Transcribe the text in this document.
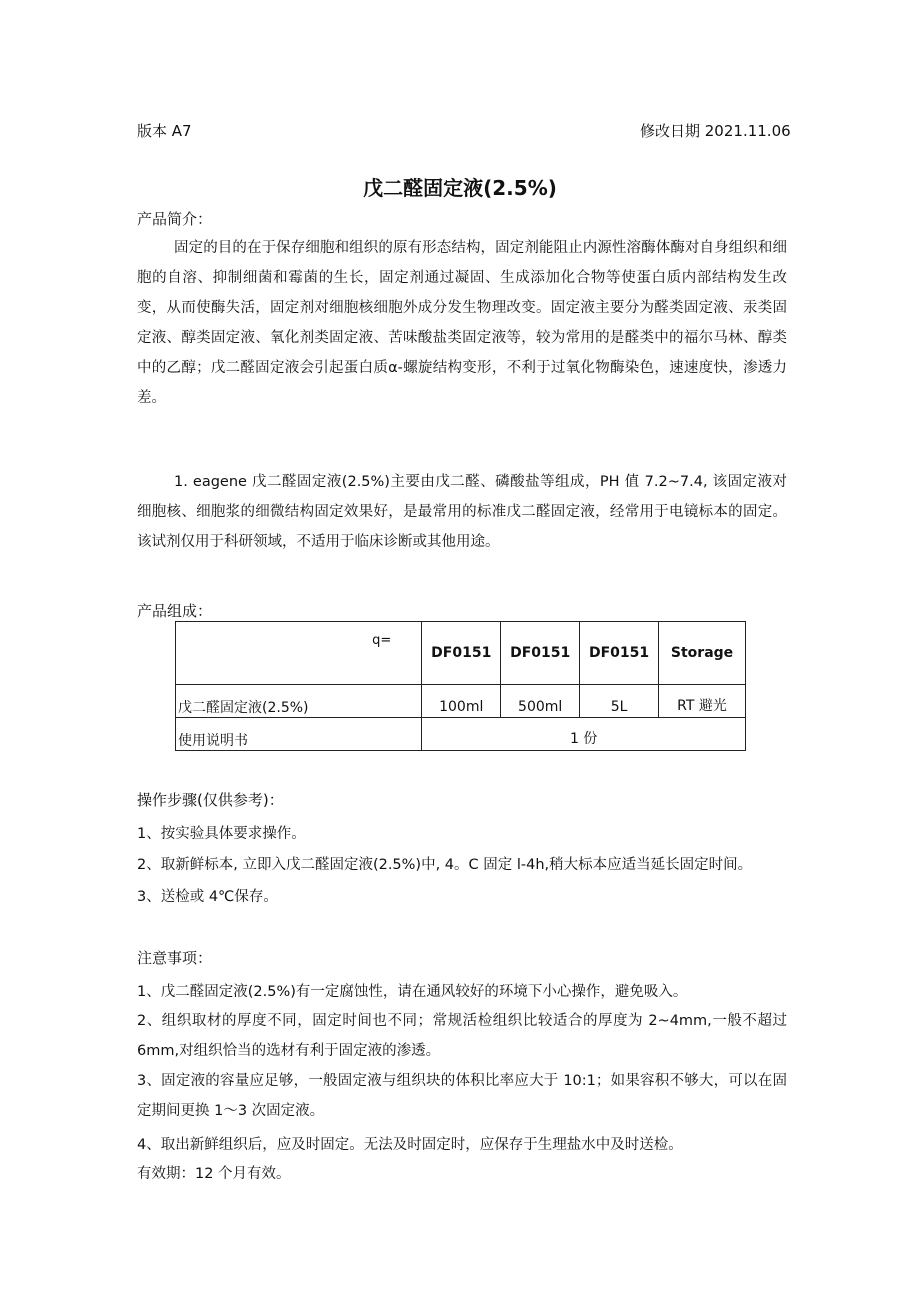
版本 A7	修改日期 2021.11.06
戊二醛固定液(2.5%)
产品简介：
固定的目的在于保存细胞和组织的原有形态结构，固定剂能阻止内源性溶酶体酶对自身组织和细胞的自溶、抑制细菌和霉菌的生长，固定剂通过凝固、生成添加化合物等使蛋白质内部结构发生改变，从而使酶失活，固定剂对细胞核细胞外成分发生物理改变。固定液主要分为醛类固定液、汞类固定液、醇类固定液、氧化剂类固定液、苦味酸盐类固定液等，较为常用的是醛类中的福尔马林、醇类中的乙醇；戊二醛固定液会引起蛋白质α-螺旋结构变形，不利于过氧化物酶染色，速速度快，渗透力差。
1. eagene 戊二醛固定液(2.5%)主要由戊二醛、磷酸盐等组成，PH 值 7.2~7.4, 该固定液对细胞核、细胞浆的细微结构固定效果好，是最常用的标准戊二醛固定液，经常用于电镜标本的固定。该试剂仅用于科研领域，不适用于临床诊断或其他用途。
产品组成：
q=	DF0151	DF0151	DF0151	Storage
戊二醛固定液(2.5%)	100ml	500ml	5L	RT 避光
使用说明书	1 份			
操作步骤(仅供参考)：
1、按实验具体要求操作。
2、取新鲜标本, 立即入戊二醛固定液(2.5%)中, 4。C 固定 l-4h,稍大标本应适当延长固定时间。
3、送检或 4℃保存。
注意事项：
1、戊二醛固定液(2.5%)有一定腐蚀性，请在通风较好的环境下小心操作，避免吸入。
2、组织取材的厚度不同，固定时间也不同；常规活检组织比较适合的厚度为 2~4mm,一般不超过 6mm,对组织恰当的选材有利于固定液的渗透。
3、固定液的容量应足够，一般固定液与组织块的体积比率应大于 10:1；如果容积不够大，可以在固定期间更换 1～3 次固定液。
4、取出新鲜组织后，应及时固定。无法及时固定时，应保存于生理盐水中及时送检。
有效期：12 个月有效。
